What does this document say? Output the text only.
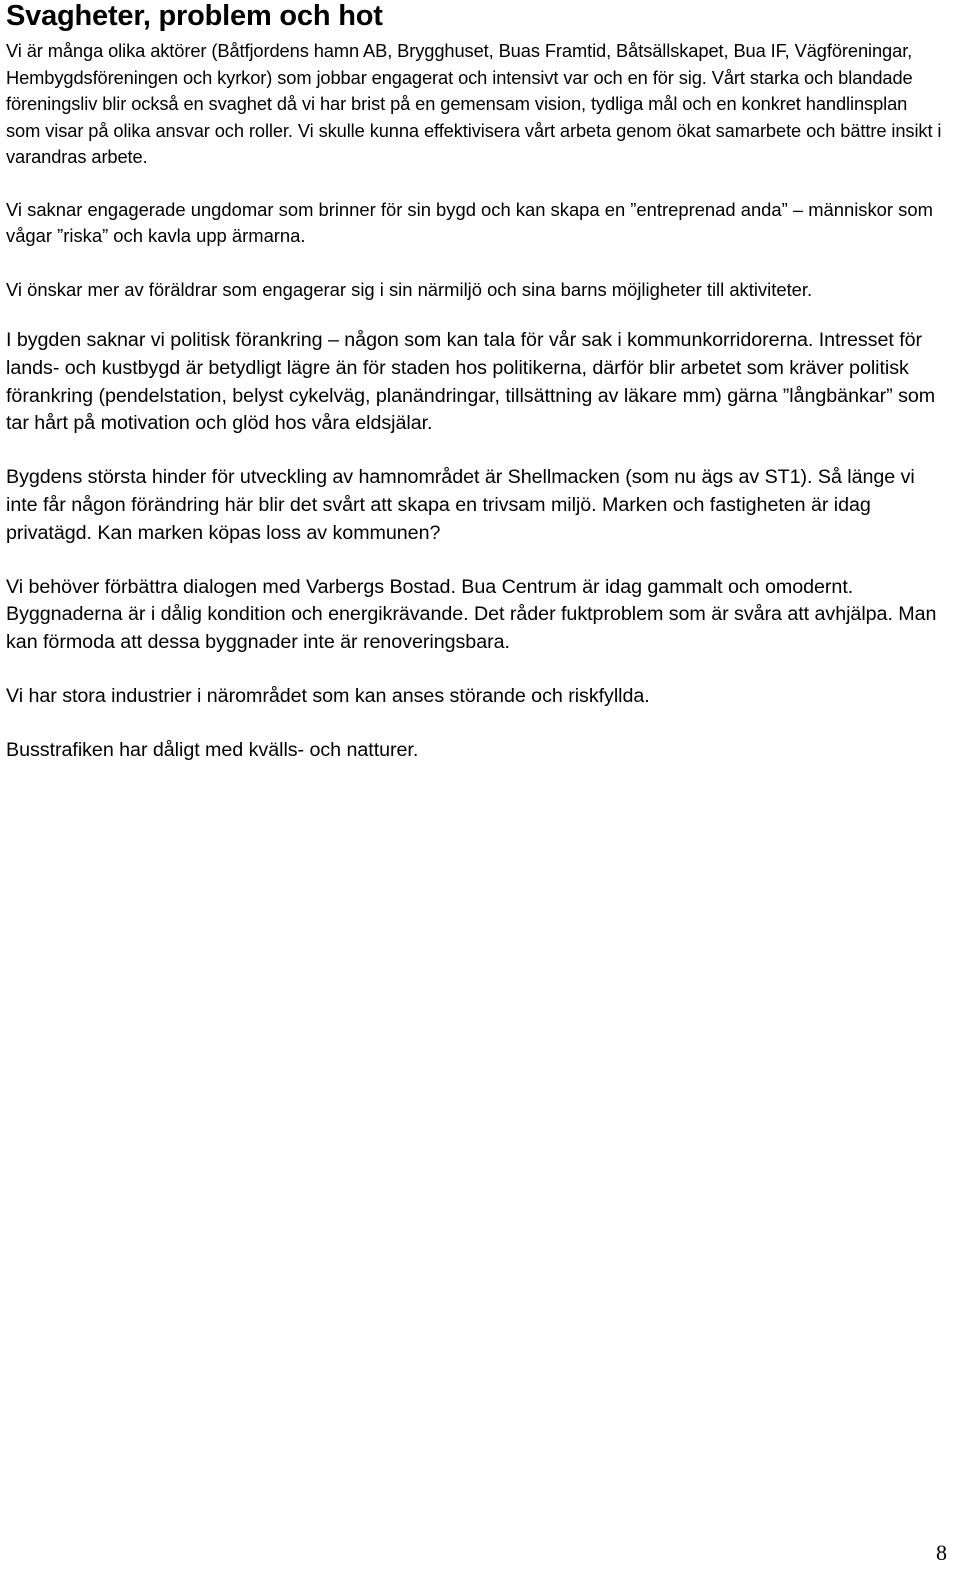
Svagheter, problem och hot

Vi är många olika aktörer (Båtfjordens hamn AB, Brygghuset, Buas Framtid, Båtsällskapet, Bua IF, Vägföreningar, Hembygdsföreningen och kyrkor) som jobbar engagerat och intensivt var och en för sig. Vårt starka och blandade föreningsliv blir också en svaghet då vi har brist på en gemensam vision, tydliga mål och en konkret handlinsplan som visar på olika ansvar och roller. Vi skulle kunna effektivisera vårt arbeta genom ökat samarbete och bättre insikt i varandras arbete.

Vi saknar engagerade ungdomar som brinner för sin bygd och kan skapa en ”entreprenad anda” – människor som vågar ”riska” och kavla upp ärmarna.

Vi önskar mer av föräldrar som engagerar sig i sin närmiljö och sina barns möjligheter till aktiviteter.

I bygden saknar vi politisk förankring – någon som kan tala för vår sak i kommunkorridorerna. Intresset för lands- och kustbygd är betydligt lägre än för staden hos politikerna, därför blir arbetet som kräver politisk förankring (pendelstation, belyst cykelväg, planändringar, tillsättning av läkare mm) gärna ”långbänkar” som tar hårt på motivation och glöd hos våra eldsjälar.

Bygdens största hinder för utveckling av hamnområdet är Shellmacken (som nu ägs av ST1). Så länge vi inte får någon förändring här blir det svårt att skapa en trivsam miljö. Marken och fastigheten är idag privatägd. Kan marken köpas loss av kommunen?

Vi behöver förbättra dialogen med Varbergs Bostad. Bua Centrum är idag gammalt och omodernt. Byggnaderna är i dålig kondition och energikrävande. Det råder fuktproblem som är svåra att avhjälpa. Man kan förmoda att dessa byggnader inte är renoveringsbara.

Vi har stora industrier i närområdet som kan anses störande och riskfyllda.

Busstrafiken har dåligt med kvälls- och natturer.

8
